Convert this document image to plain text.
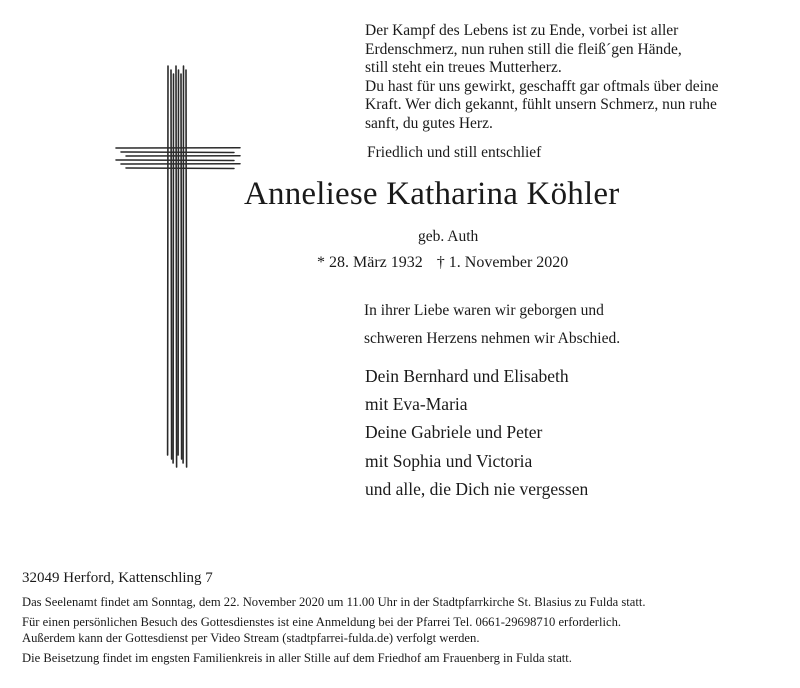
Der Kampf des Lebens ist zu Ende, vorbei ist aller
Erdenschmerz, nun ruhen still die fleiß´gen Hände,
still steht ein treues Mutterherz.
Du hast für uns gewirkt, geschafft gar oftmals über deine
Kraft. Wer dich gekannt, fühlt unsern Schmerz, nun ruhe
sanft, du gutes Herz.
Friedlich und still entschlief
Anneliese Katharina Köhler
geb. Auth
* 28. März 1932 † 1. November 2020
In ihrer Liebe waren wir geborgen und
schweren Herzens nehmen wir Abschied.
Dein Bernhard und Elisabeth
mit Eva-Maria
Deine Gabriele und Peter
mit Sophia und Victoria
und alle, die Dich nie vergessen
32049 Herford, Kattenschling 7
Das Seelenamt findet am Sonntag, dem 22. November 2020 um 11.00 Uhr in der Stadtpfarrkirche St. Blasius zu Fulda statt.
Für einen persönlichen Besuch des Gottesdienstes ist eine Anmeldung bei der Pfarrei Tel. 0661-29698710 erforderlich.
Außerdem kann der Gottesdienst per Video Stream (stadtpfarrei-fulda.de) verfolgt werden.
Die Beisetzung findet im engsten Familienkreis in aller Stille auf dem Friedhof am Frauenberg in Fulda statt.
